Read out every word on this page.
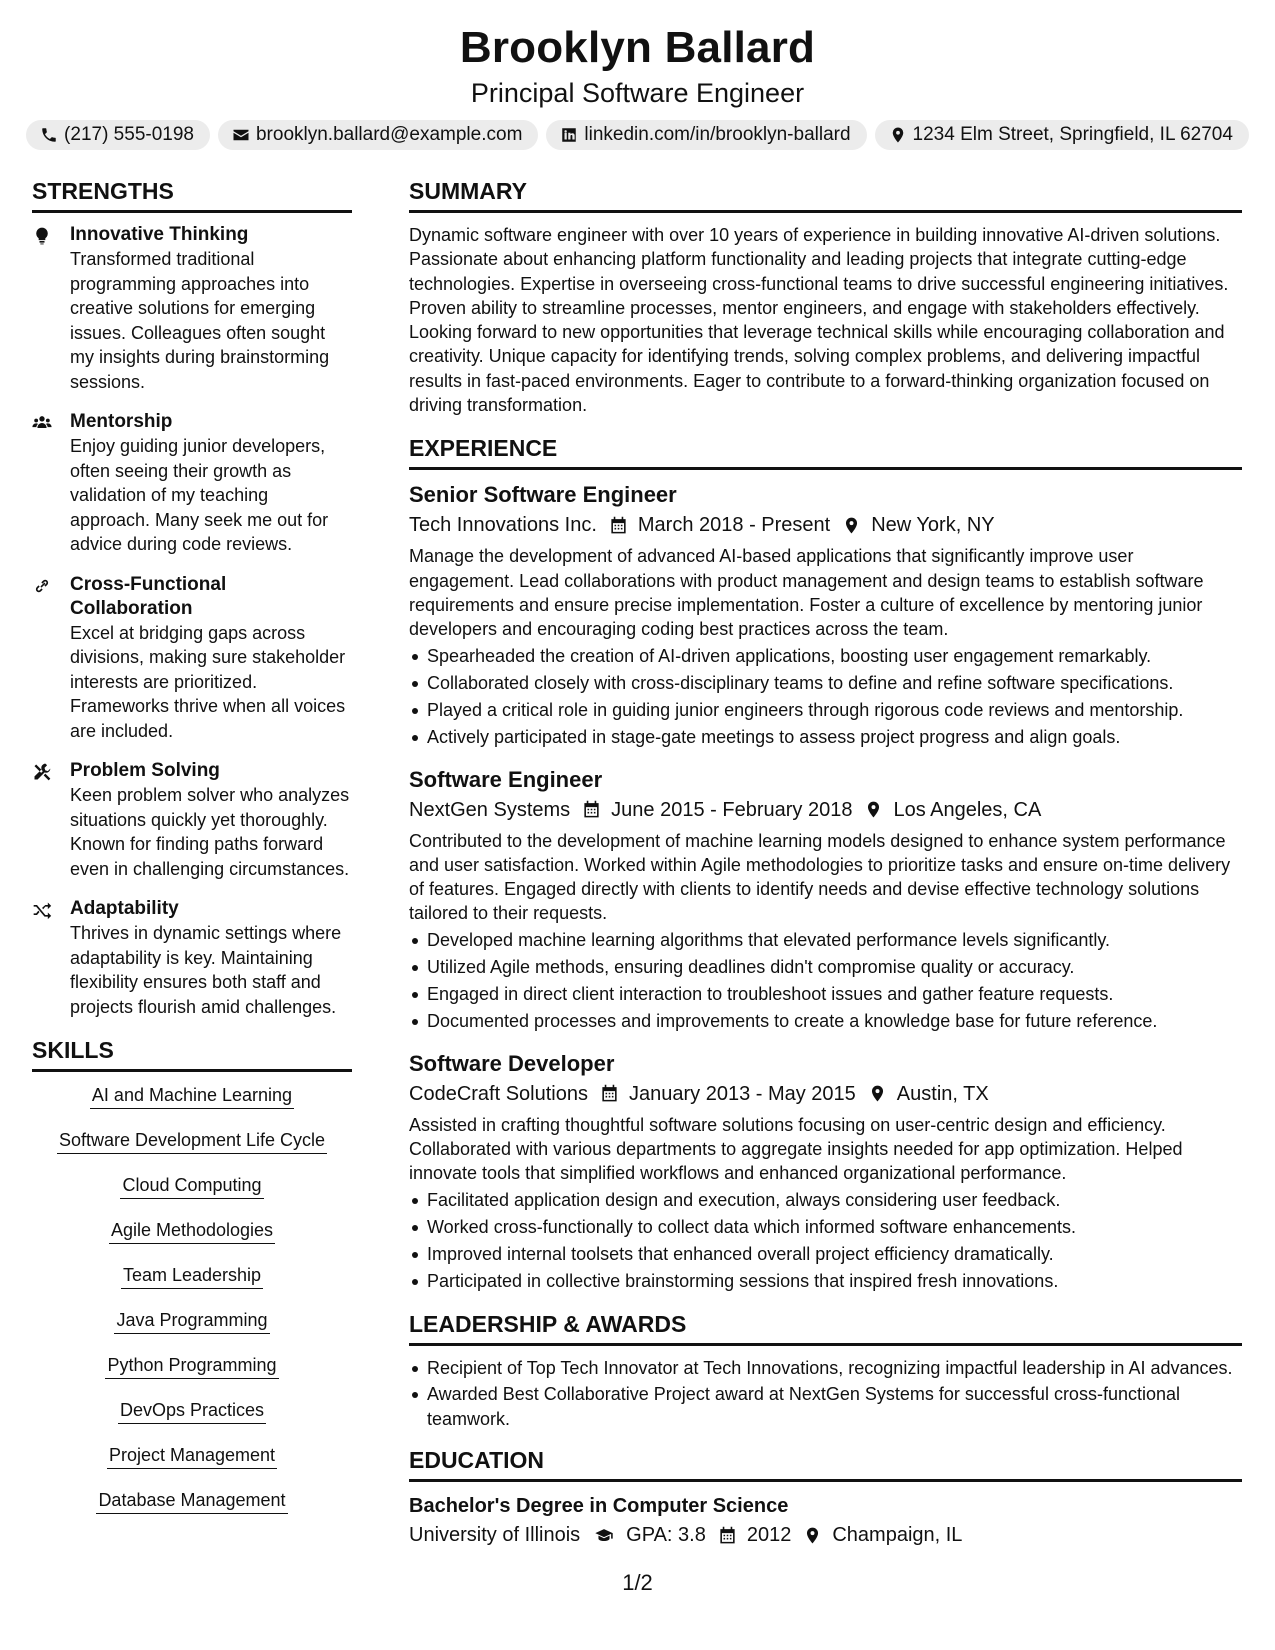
Brooklyn Ballard
Principal Software Engineer
(217) 555-0198	brooklyn.ballard@example.com	linkedin.com/in/brooklyn-ballard	1234 Elm Street, Springfield, IL 62704
STRENGTHS
Innovative Thinking
Transformed traditional programming approaches into creative solutions for emerging issues. Colleagues often sought my insights during brainstorming sessions.
Mentorship
Enjoy guiding junior developers, often seeing their growth as validation of my teaching approach. Many seek me out for advice during code reviews.
Cross-Functional Collaboration
Excel at bridging gaps across divisions, making sure stakeholder interests are prioritized. Frameworks thrive when all voices are included.
Problem Solving
Keen problem solver who analyzes situations quickly yet thoroughly. Known for finding paths forward even in challenging circumstances.
Adaptability
Thrives in dynamic settings where adaptability is key. Maintaining flexibility ensures both staff and projects flourish amid challenges.
SKILLS
AI and Machine Learning
Software Development Life Cycle
Cloud Computing
Agile Methodologies
Team Leadership
Java Programming
Python Programming
DevOps Practices
Project Management
Database Management
SUMMARY
Dynamic software engineer with over 10 years of experience in building innovative AI-driven solutions. Passionate about enhancing platform functionality and leading projects that integrate cutting-edge technologies. Expertise in overseeing cross-functional teams to drive successful engineering initiatives. Proven ability to streamline processes, mentor engineers, and engage with stakeholders effectively. Looking forward to new opportunities that leverage technical skills while encouraging collaboration and creativity. Unique capacity for identifying trends, solving complex problems, and delivering impactful results in fast-paced environments. Eager to contribute to a forward-thinking organization focused on driving transformation.
EXPERIENCE
Senior Software Engineer
Tech Innovations Inc. March 2018 - Present New York, NY
Manage the development of advanced AI-based applications that significantly improve user engagement. Lead collaborations with product management and design teams to establish software requirements and ensure precise implementation. Foster a culture of excellence by mentoring junior developers and encouraging coding best practices across the team.
Spearheaded the creation of AI-driven applications, boosting user engagement remarkably.
Collaborated closely with cross-disciplinary teams to define and refine software specifications.
Played a critical role in guiding junior engineers through rigorous code reviews and mentorship.
Actively participated in stage-gate meetings to assess project progress and align goals.
Software Engineer
NextGen Systems June 2015 - February 2018 Los Angeles, CA
Contributed to the development of machine learning models designed to enhance system performance and user satisfaction. Worked within Agile methodologies to prioritize tasks and ensure on-time delivery of features. Engaged directly with clients to identify needs and devise effective technology solutions tailored to their requests.
Developed machine learning algorithms that elevated performance levels significantly.
Utilized Agile methods, ensuring deadlines didn't compromise quality or accuracy.
Engaged in direct client interaction to troubleshoot issues and gather feature requests.
Documented processes and improvements to create a knowledge base for future reference.
Software Developer
CodeCraft Solutions January 2013 - May 2015 Austin, TX
Assisted in crafting thoughtful software solutions focusing on user-centric design and efficiency. Collaborated with various departments to aggregate insights needed for app optimization. Helped innovate tools that simplified workflows and enhanced organizational performance.
Facilitated application design and execution, always considering user feedback.
Worked cross-functionally to collect data which informed software enhancements.
Improved internal toolsets that enhanced overall project efficiency dramatically.
Participated in collective brainstorming sessions that inspired fresh innovations.
LEADERSHIP & AWARDS
Recipient of Top Tech Innovator at Tech Innovations, recognizing impactful leadership in AI advances.
Awarded Best Collaborative Project award at NextGen Systems for successful cross-functional teamwork.
EDUCATION
Bachelor's Degree in Computer Science
University of Illinois GPA: 3.8 2012 Champaign, IL
1/2
